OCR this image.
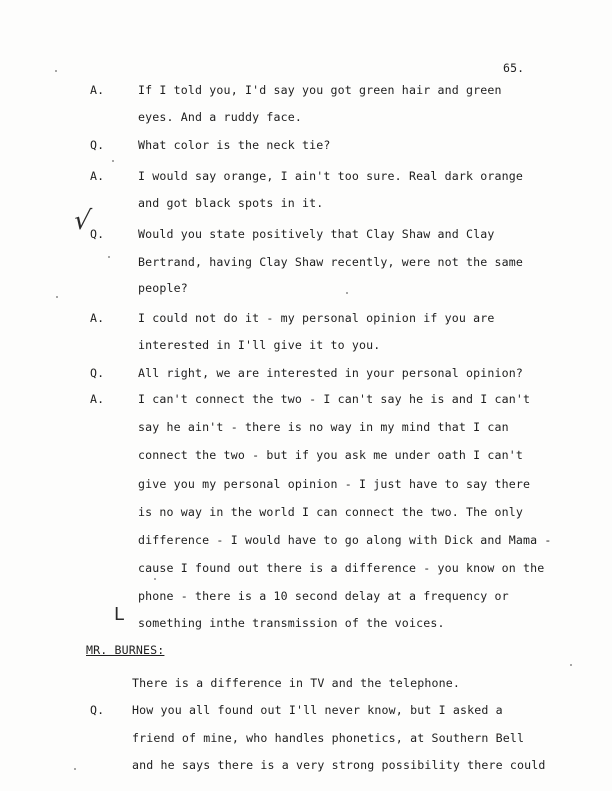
65.
A.	If I told you, I'd say you got green hair and green
eyes. And a ruddy face.
Q.	What color is the neck tie?
A.	I would say orange, I ain't too sure. Real dark orange
and got black spots in it.
Q.	Would you state positively that Clay Shaw and Clay
Bertrand, having Clay Shaw recently, were not the same
people?
A.	I could not do it - my personal opinion if you are
interested in I'll give it to you.
Q.	All right, we are interested in your personal opinion?
A.	I can't connect the two - I can't say he is and I can't
say he ain't - there is no way in my mind that I can
connect the two - but if you ask me under oath I can't
give you my personal opinion - I just have to say there
is no way in the world I can connect the two. The only
difference - I would have to go along with Dick and Mama -
cause I found out there is a difference - you know on the
phone - there is a 10 second delay at a frequency or
something inthe transmission of the voices.
MR. BURNES:
There is a difference in TV and the telephone.
Q. How you all found out I'll never know, but I asked a
friend of mine, who handles phonetics, at Southern Bell
and he says there is a very strong possibility there could
√
L
